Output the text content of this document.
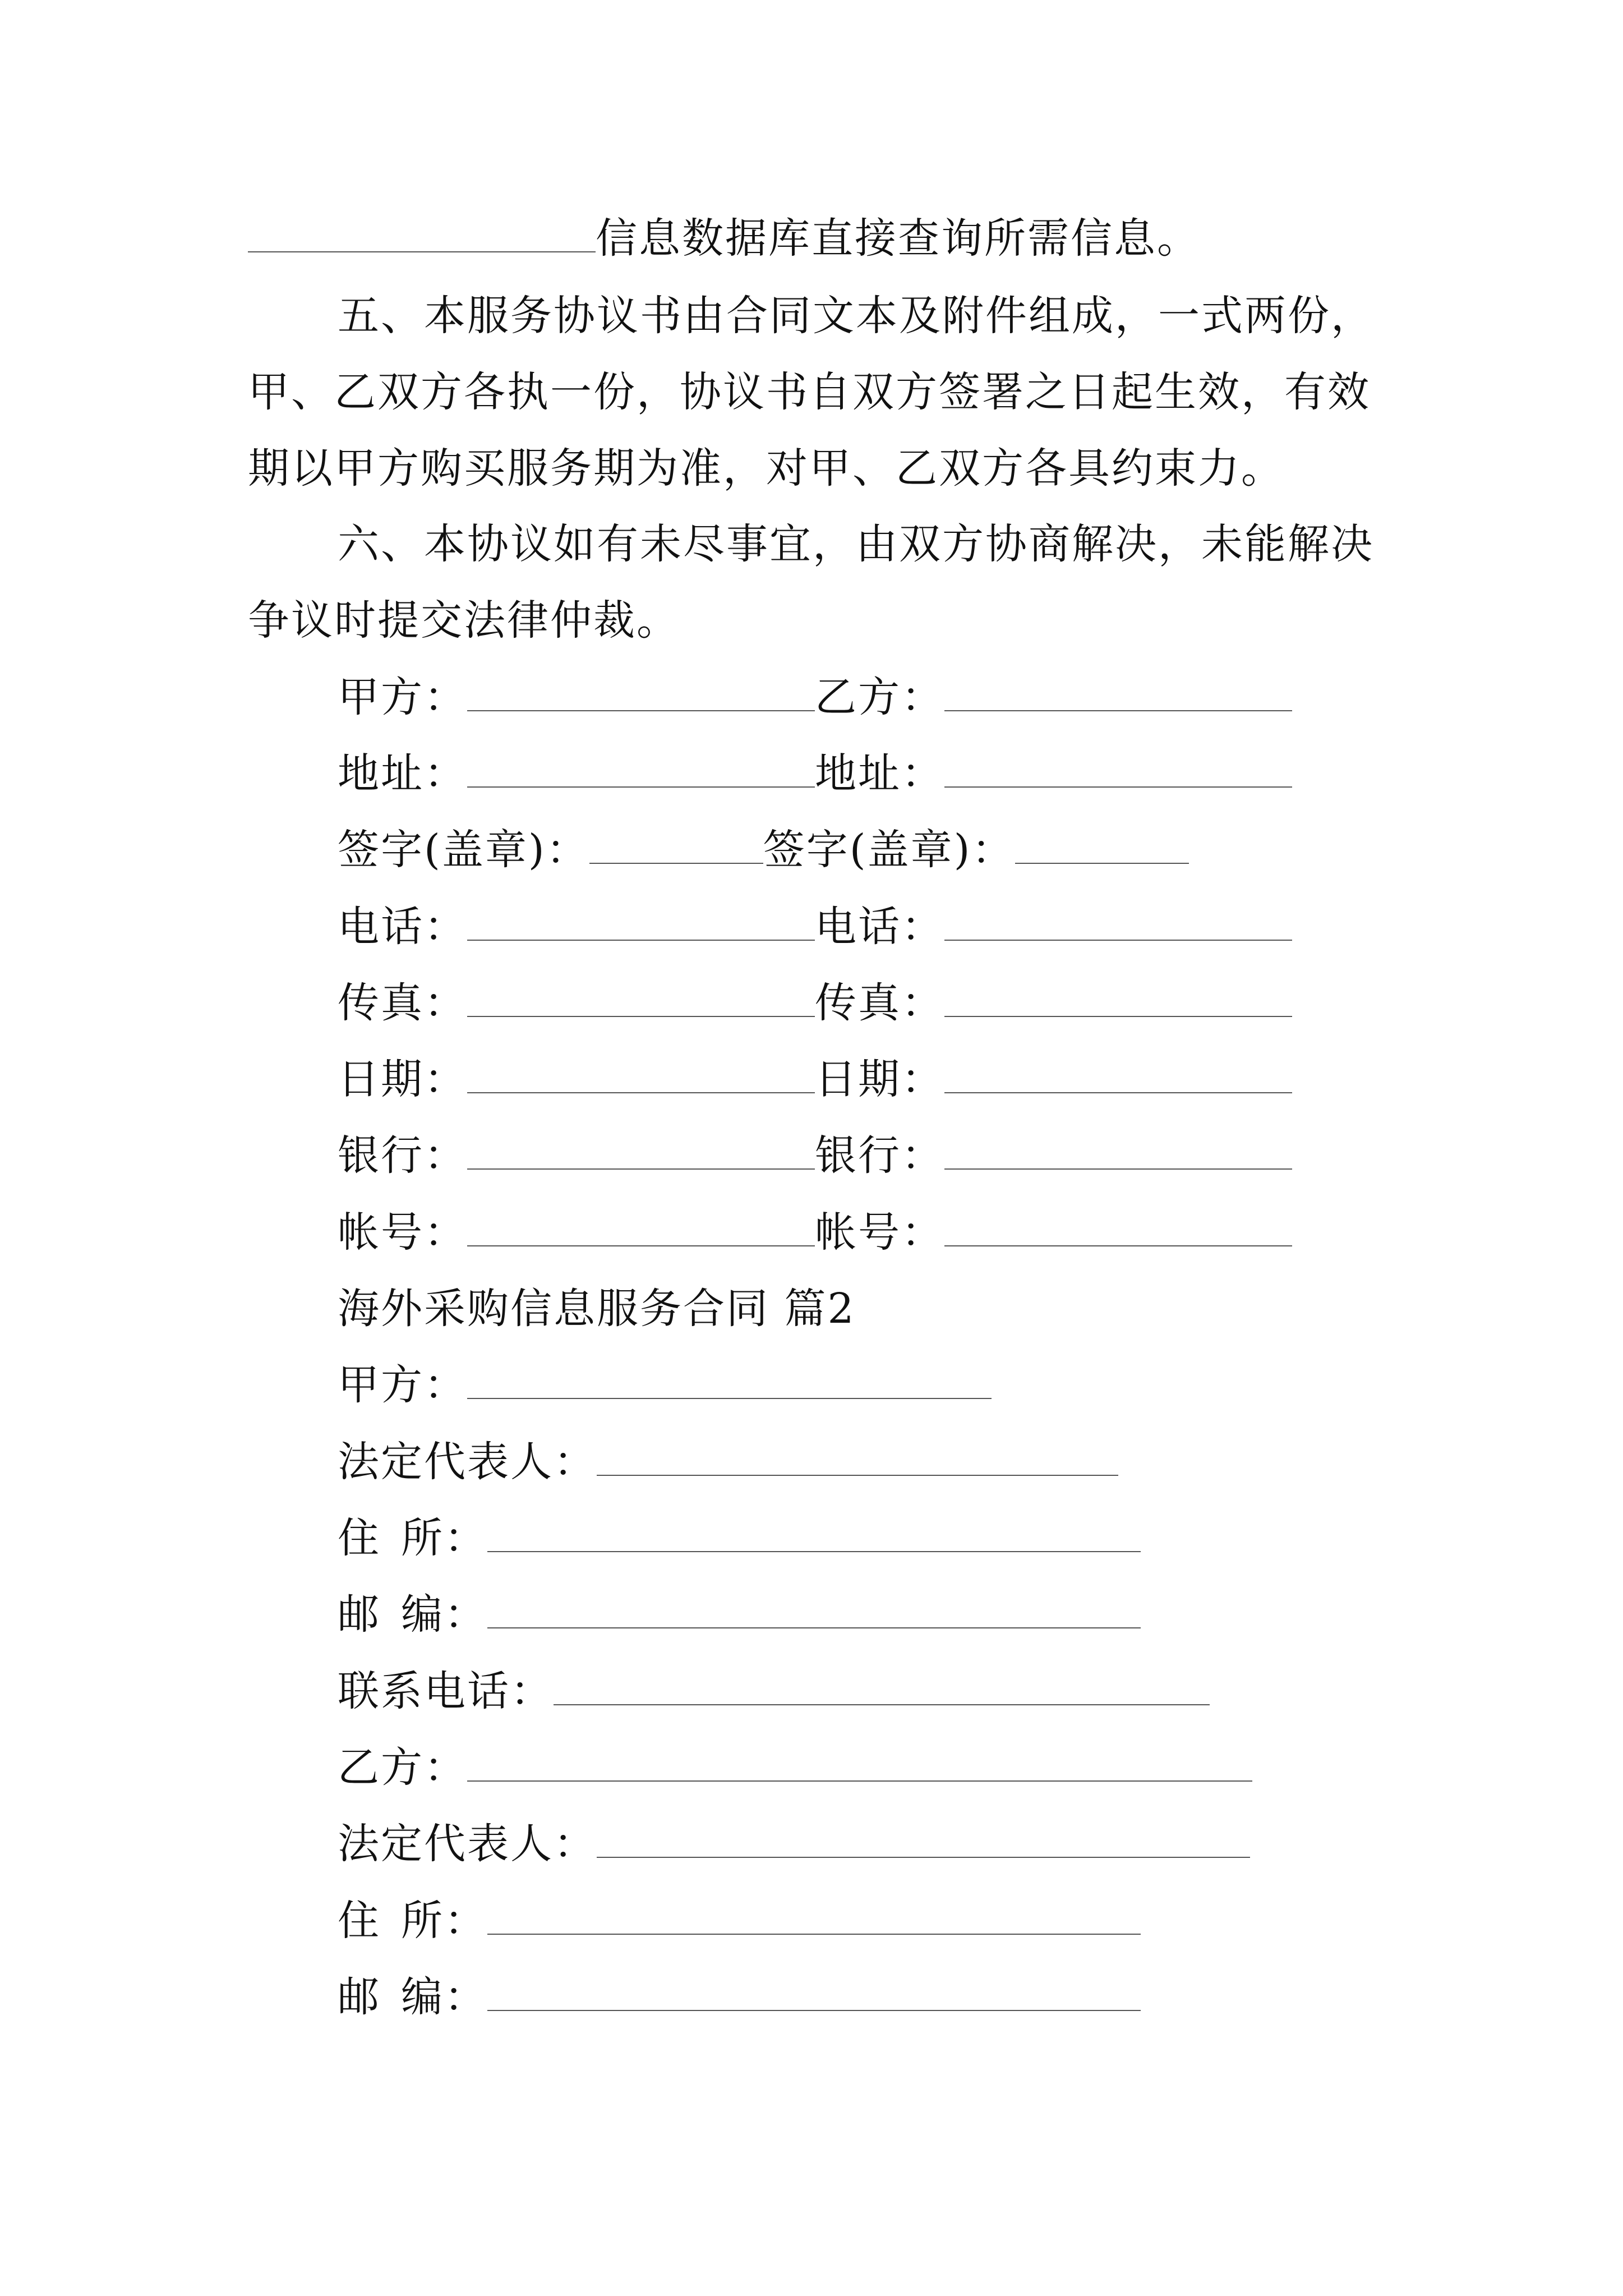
信息数据库直接查询所需信息。
五、本服务协议书由合同文本及附件组成，一式两份，
甲、乙双方各执一份，协议书自双方签署之日起生效，有效
期以甲方购买服务期为准，对甲、乙双方各具约束力。
六、本协议如有未尽事宜，由双方协商解决，未能解决
争议时提交法律仲裁。
甲方：	乙方：
地址：	地址：
签字(盖章)：	签字(盖章)：
电话：	电话：
传真：	传真：
日期：	日期：
银行：	银行：
帐号：	帐号：
海外采购信息服务合同 篇2
甲方：
法定代表人：
住 所：
邮 编：
联系电话：
乙方：
法定代表人：
住 所：
邮 编：
